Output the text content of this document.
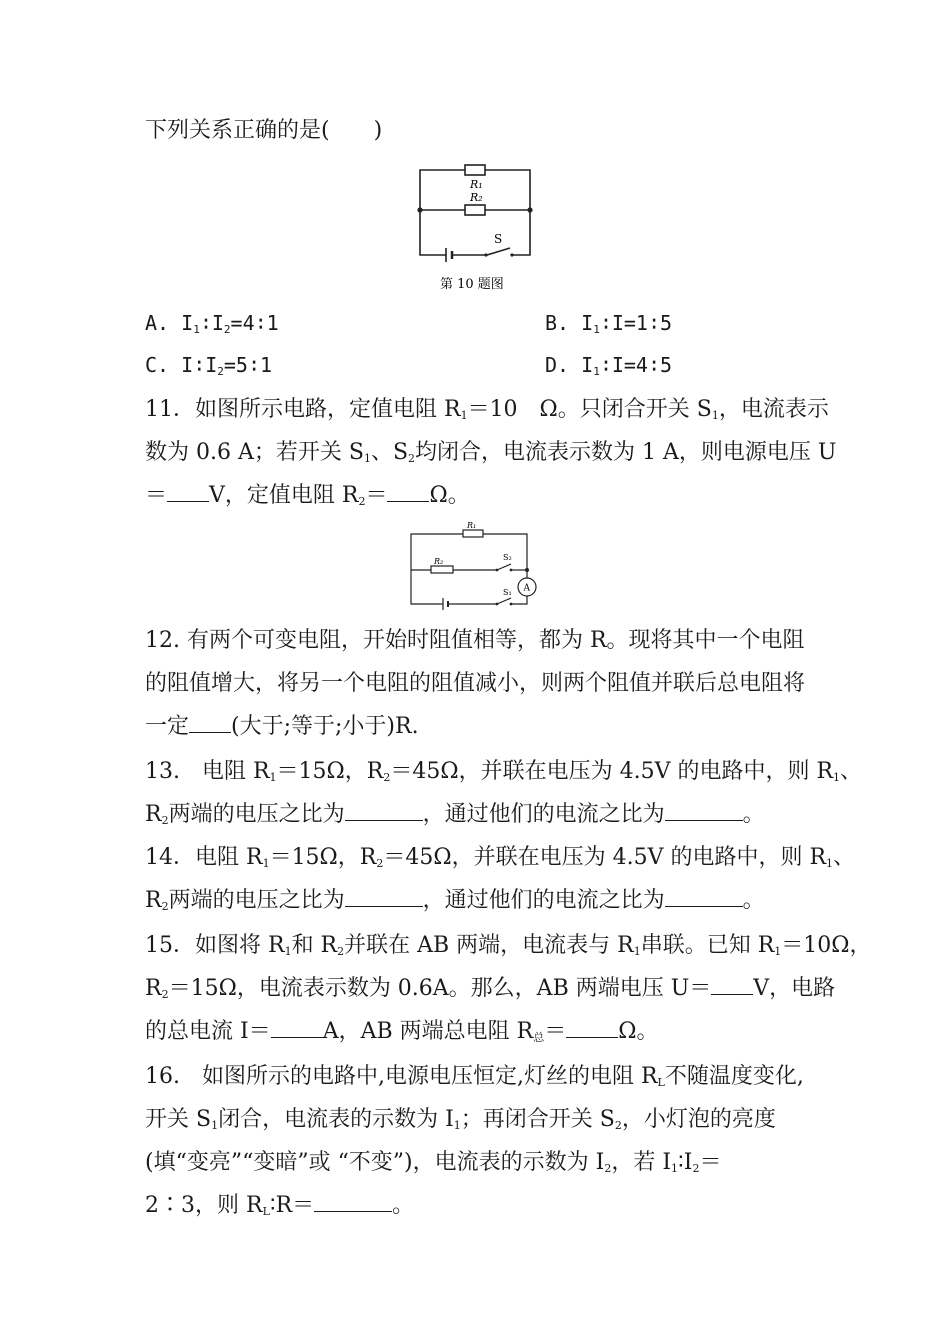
下列关系正确的是(　　)
R₁
R₂
S
第 10 题图
A. $I_1∶I_2=4∶1$	B. $I_1∶I=1∶5$
C. $I∶I_2=5∶1$	D. $I_1∶I=4∶5$
11．如图所示电路，定值电阻 $R_1=10$　Ω。只闭合开关 $S_1$，电流表示
数为 0.6 A；若开关 $S_1$、$S_2$均闭合，电流表示数为 1 A，则电源电压 U
＝ V，定值电阻 $R_2= \Omega$。
R₁
R₂	S₂
S₁ A
12. 有两个可变电阻，开始时阻值相等，都为 R。现将其中一个电阻
的阻值增大，将另一个电阻的阻值减小，则两个阻值并联后总电阻将
一定 (大于;等于;小于)R.
13.　电阻 $R_1=15\Omega$，$R_2=45\Omega$，并联在电压为 4.5V 的电路中，则 $R_1$、
$R_2$两端的电压之比为	，通过他们的电流之比为	。
14．电阻 $R_1=15\Omega$，$R_2=45\Omega$，并联在电压为 4.5V 的电路中，则 $R_1$、
$R_2$两端的电压之比为	，通过他们的电流之比为	。
15．如图将 $R_1$和 $R_2$并联在 AB 两端，电流表与 $R_1$串联。已知 $R_1=10\Omega$，
$R_2=15\Omega$，电流表示数为 0.6A。那么，AB 两端电压 U＝ V，电路
的总电流 I＝ A，AB 两端总电阻 $R_总= \Omega$。
16.　如图所示的电路中,电源电压恒定,灯丝的电阻 $R_L$不随温度变化,
开关 $S_1$闭合，电流表的示数为 $I_1$；再闭合开关 $S_2$，小灯泡的亮度
(填“变亮”“变暗”或 “不变”)，电流表的示数为 $I_2$，若 $I_1∶I_2=$
2∶3，则 $R_L∶R=$	。
